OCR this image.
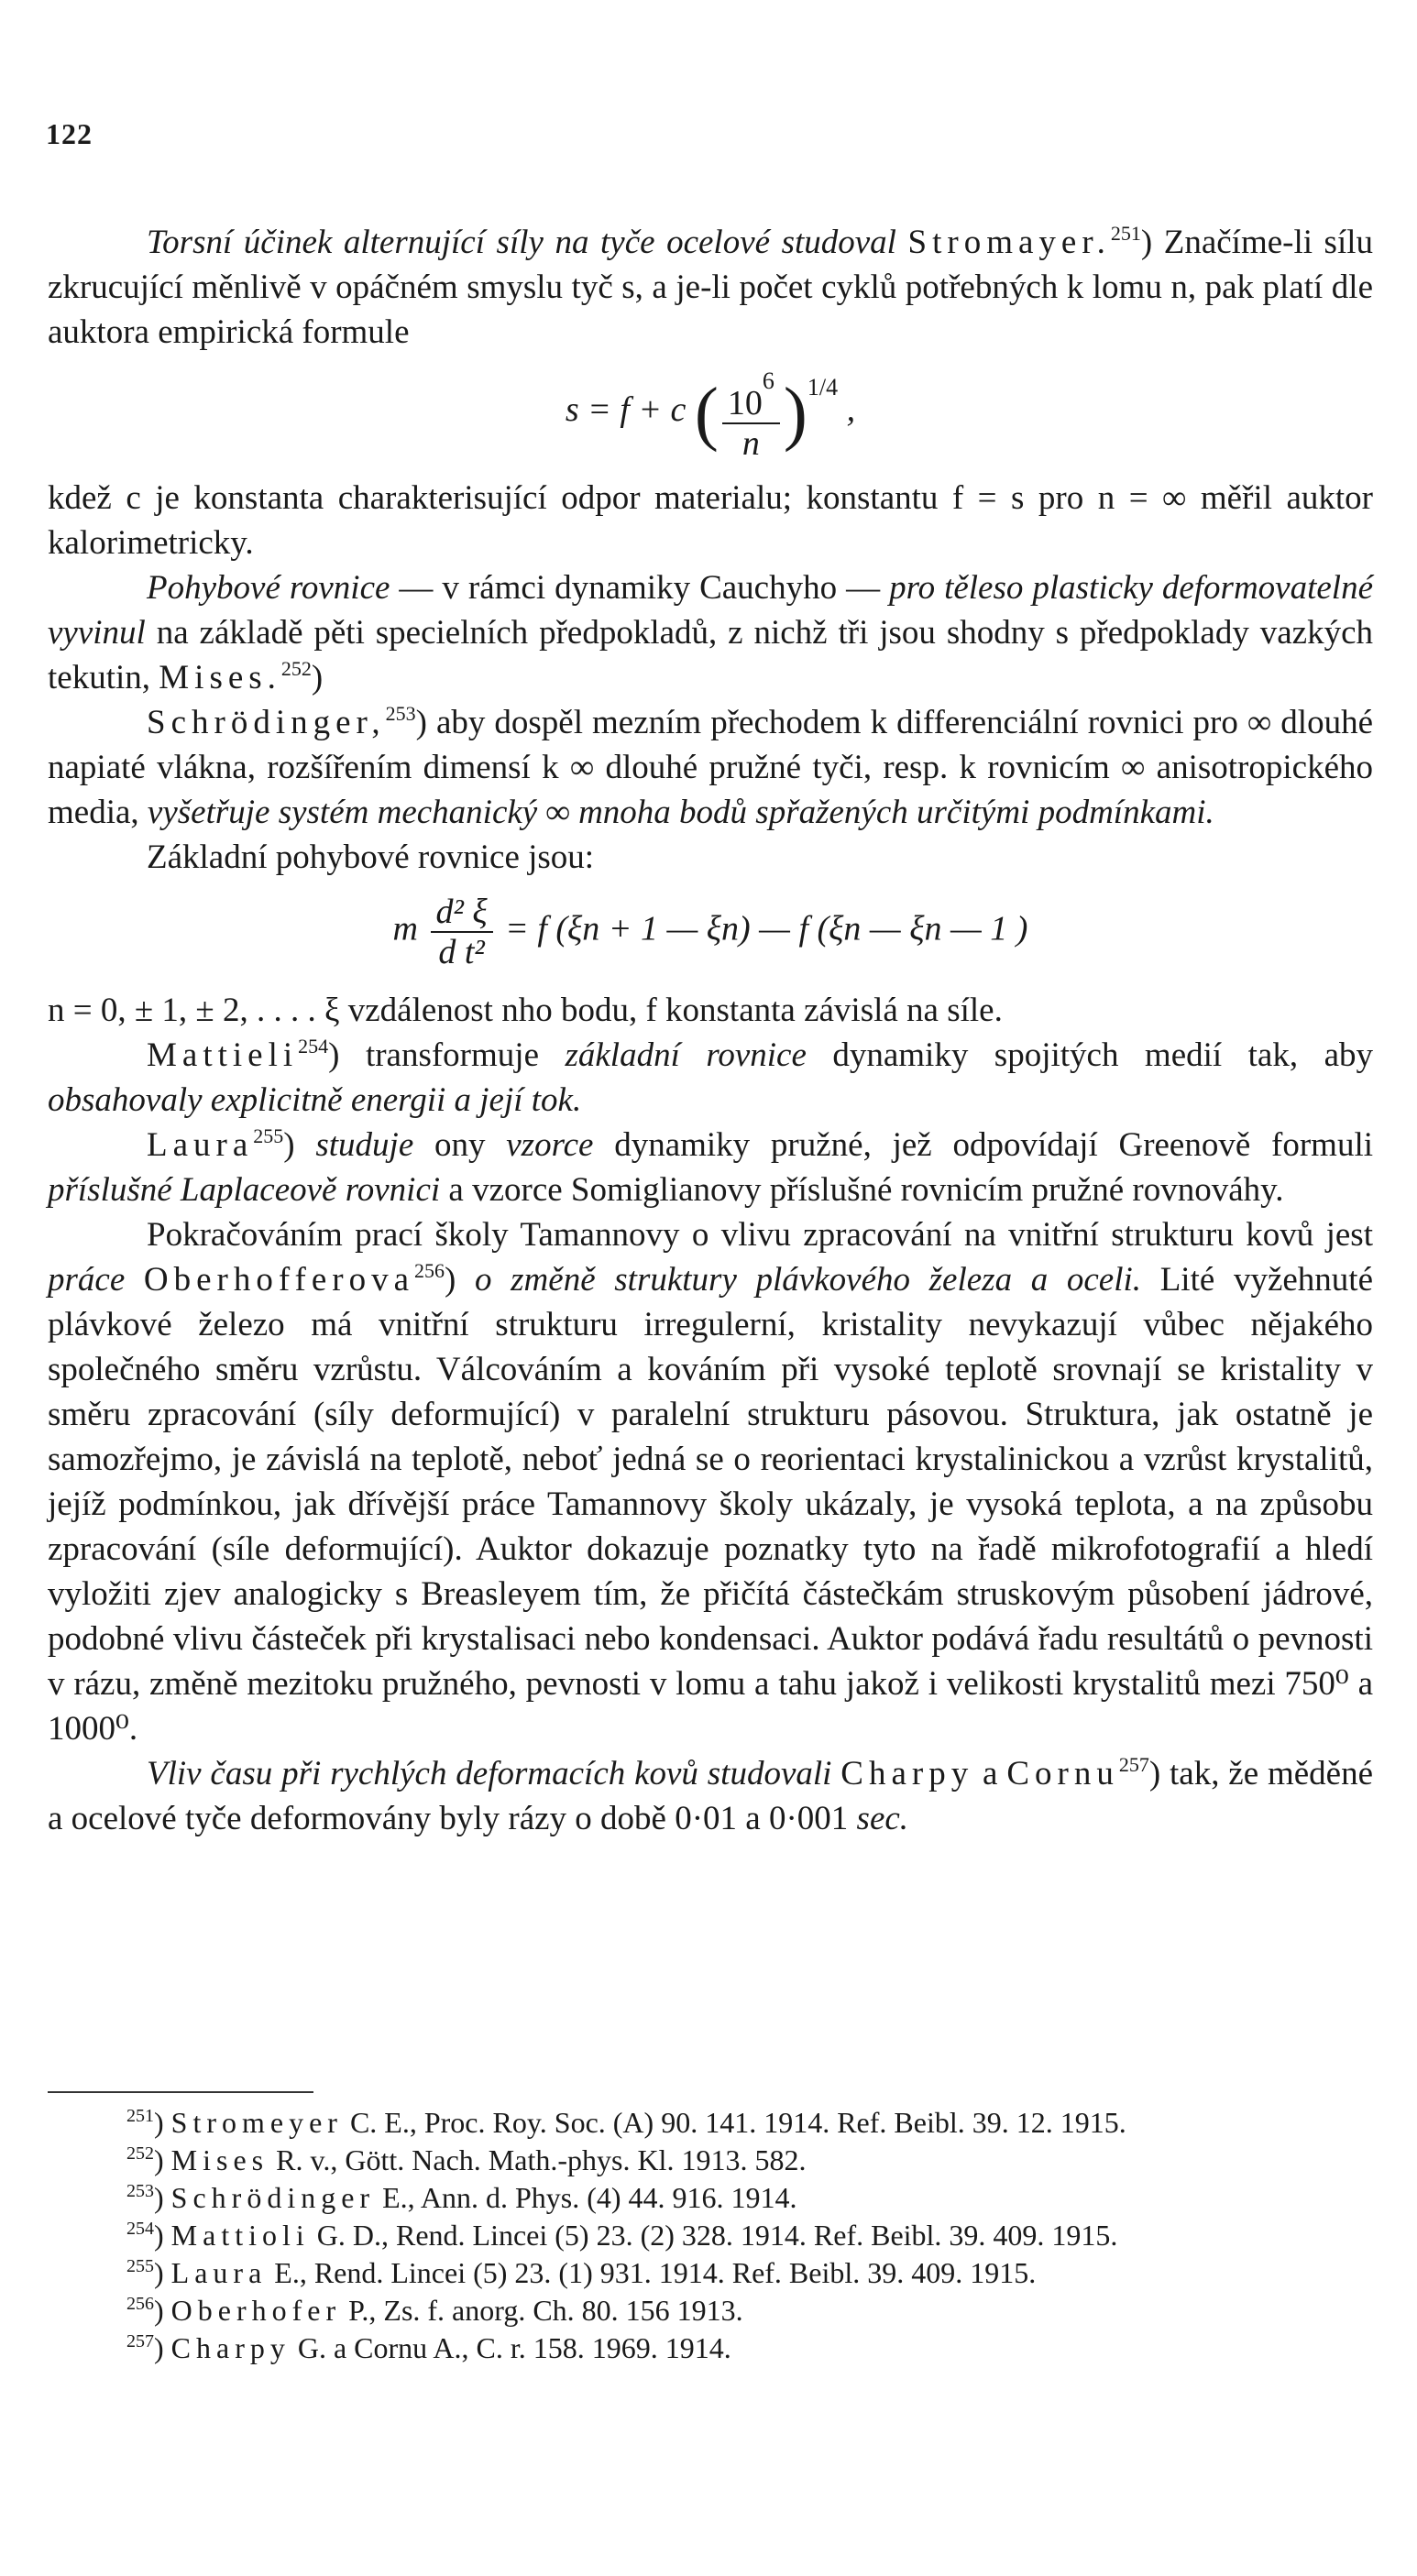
122

Torsní účinek alternující síly na tyče ocelové studoval Stromayer.$^{251}$) Značíme-li sílu zkrucující měnlivě v opáčném smyslu tyč s, a je-li počet cyklů potřebných k lomu n, pak platí dle auktora empirická formule

s = f + c ( $\frac{10^6}{n} )^{1/4}$ ,

kdež c je konstanta charakterisující odpor materialu; konstantu f = s pro n = ∞ měřil auktor kalorimetricky.

Pohybové rovnice — v rámci dynamiky Cauchyho — pro těleso plasticky deformovatelné vyvinul na základě pěti specielních předpokladů, z nichž tři jsou shodny s předpoklady vazkých tekutin, Mises.$^{252}$)

Schrödinger,$^{253}$) aby dospěl mezním přechodem k differenciální rovnici pro ∞ dlouhé napiaté vlákna, rozšířením dimensí k ∞ dlouhé pružné tyči, resp. k rovnicím ∞ anisotropického media, vyšetřuje systém mechanický ∞ mnoha bodů spřažených určitými podmínkami.

Základní pohybové rovnice jsou:

m $\frac{\text{d² ξ}}{\text{d t²}} = f$ (ξn + 1 — ξn) — f (ξn — ξn — 1 )

n = 0, ± 1, ± 2, . . . . ξ vzdálenost nho bodu, f konstanta závislá na síle.

Mattieli$^{254}$) transformuje základní rovnice dynamiky spojitých medií tak, aby obsahovaly explicitně energii a její tok.

Laura$^{255}$) studuje ony vzorce dynamiky pružné, jež odpovídají Greenově formuli příslušné Laplaceově rovnici a vzorce Somiglianovy příslušné rovnicím pružné rovnováhy.

Pokračováním prací školy Tamannovy o vlivu zpracování na vnitřní strukturu kovů jest práce Oberhofferova$^{256}$) o změně struktury plávkového železa a oceli. Lité vyžehnuté plávkové železo má vnitřní strukturu irregulerní, kristality nevykazují vůbec nějakého společného směru vzrůstu. Válcováním a kováním při vysoké teplotě srovnají se kristality v směru zpracování (síly deformující) v paralelní strukturu pásovou. Struktura, jak ostatně je samozřejmo, je závislá na teplotě, neboť jedná se o reorientaci krystalinickou a vzrůst krystalitů, jejíž podmínkou, jak dřívější práce Tamannovy školy ukázaly, je vysoká teplota, a na způsobu zpracování (síle deformující). Auktor dokazuje poznatky tyto na řadě mikrofotografií a hledí vyložiti zjev analogicky s Breasleyem tím, že přičítá částečkám struskovým působení jádrové, podobné vlivu částeček při krystalisaci nebo kondensaci. Auktor podává řadu resultátů o pevnosti v rázu, změně mezitoku pružného, pevnosti v lomu a tahu jakož i velikosti krystalitů mezi 750⁰ a 1000⁰.

Vliv času při rychlých deformacích kovů studovali Charpy a Cornu$^{257}$) tak, že měděné a ocelové tyče deformovány byly rázy o době 0·01 a 0·001 sec.

$^{251}$) Stromeyer C. E., Proc. Roy. Soc. (A) 90. 141. 1914. Ref. Beibl. 39. 12. 1915.

$^{252}$) Mises R. v., Gött. Nach. Math.-phys. Kl. 1913. 582.

$^{253}$) Schrödinger E., Ann. d. Phys. (4) 44. 916. 1914.

$^{254}$) Mattioli G. D., Rend. Lincei (5) 23. (2) 328. 1914. Ref. Beibl. 39. 409. 1915.

$^{255}$) Laura E., Rend. Lincei (5) 23. (1) 931. 1914. Ref. Beibl. 39. 409. 1915.

$^{256}$) Oberhofer P., Zs. f. anorg. Ch. 80. 156 1913.

$^{257}$) Charpy G. a Cornu A., C. r. 158. 1969. 1914.
